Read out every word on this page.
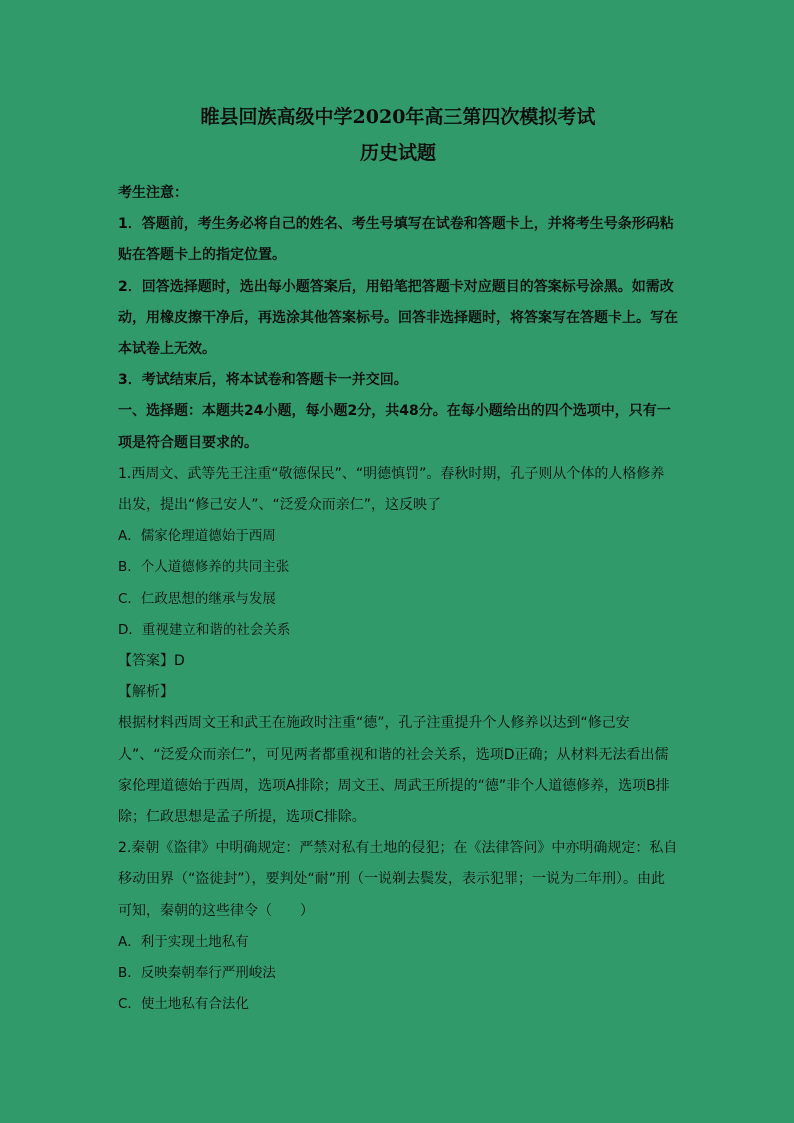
睢县回族高级中学2020年高三第四次模拟考试
历史试题

考生注意：

1．答题前，考生务必将自己的姓名、考生号填写在试卷和答题卡上，并将考生号条形码粘贴在答题卡上的指定位置。

2．回答选择题时，选出每小题答案后，用铅笔把答题卡对应题目的答案标号涂黑。如需改动，用橡皮擦干净后，再选涂其他答案标号。回答非选择题时，将答案写在答题卡上。写在本试卷上无效。

3．考试结束后，将本试卷和答题卡一并交回。

一、选择题：本题共24小题，每小题2分，共48分。在每小题给出的四个选项中，只有一项是符合题目要求的。

1.西周文、武等先王注重“敬德保民”、“明德慎罚”。春秋时期，孔子则从个体的人格修养出发，提出“修己安人”、“泛爱众而亲仁”，这反映了

A．儒家伦理道德始于西周

B．个人道德修养的共同主张

C．仁政思想的继承与发展

D．重视建立和谐的社会关系

【答案】D

【解析】

根据材料西周文王和武王在施政时注重“德”，孔子注重提升个人修养以达到“修己安人”、“泛爱众而亲仁”，可见两者都重视和谐的社会关系，选项D正确；从材料无法看出儒家伦理道德始于西周，选项A排除；周文王、周武王所提的“德”非个人道德修养，选项B排除；仁政思想是孟子所提，选项C排除。

2.秦朝《盗律》中明确规定：严禁对私有土地的侵犯；在《法律答问》中亦明确规定：私自移动田界（“盗徙封”），要判处“耐”刑（一说剃去鬓发，表示犯罪；一说为二年刑）。由此可知，秦朝的这些律令（　　）

A．利于实现土地私有

B．反映秦朝奉行严刑峻法

C．使土地私有合法化
